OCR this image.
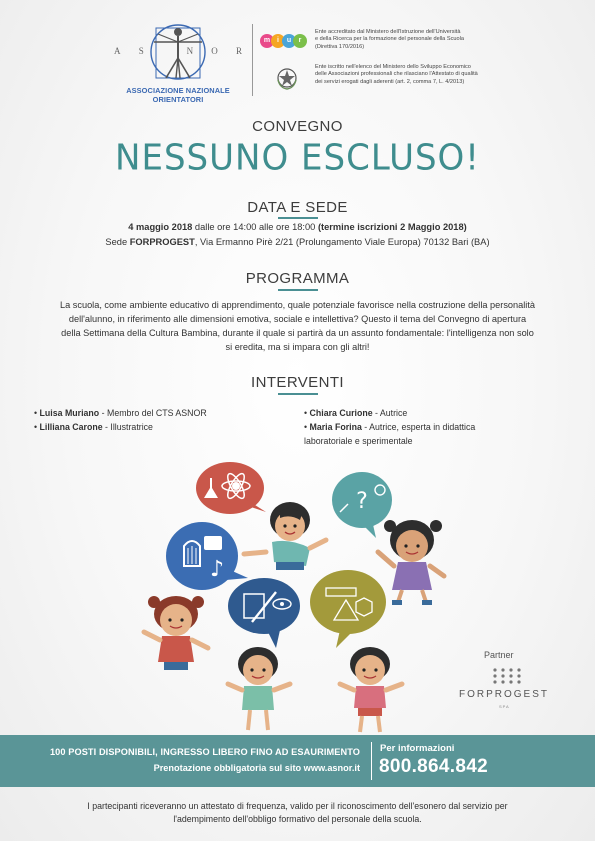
A S	N O R
ASSOCIAZIONE NAZIONALE ORIENTATORI
m i	u	r
Ente accreditato dal Ministero dell'Istruzione dell'Università
e della Ricerca per la formazione del personale della Scuola
(Direttiva 170/2016)
Ente iscritto nell'elenco del Ministero dello Sviluppo Economico
delle Associazioni professionali che rilasciano l'Attestato di qualità
dei servizi erogati dagli aderenti (art. 2, comma 7, L. 4/2013)
CONVEGNO
NESSUNO ESCLUSO!
DATA E SEDE
4 maggio 2018 dalle ore 14:00 alle ore 18:00 (termine iscrizioni 2 Maggio 2018)
Sede FORPROGEST, Via Ermanno Pirè 2/21 (Prolungamento Viale Europa) 70132 Bari (BA)
PROGRAMMA
La scuola, come ambiente educativo di apprendimento, quale potenziale favorisce nella costruzione della personalità
dell'alunno, in riferimento alle dimensioni emotiva, sociale e intellettiva? Questo il tema del Convegno di apertura
della Settimana della Cultura Bambina, durante il quale si partirà da un assunto fondamentale: l'intelligenza non solo
si eredita, ma si impara con gli altri!
INTERVENTI
• Luisa Muriano - Membro del CTS ASNOR
• Lilliana Carone - Illustratrice
• Chiara Curione - Autrice
• Maria Forina - Autrice, esperta in didattica
laboratoriale e sperimentale
?
♪
Partner
FORPROGEST
SPA
100 POSTI DISPONIBILI, INGRESSO LIBERO FINO AD ESAURIMENTO
Prenotazione obbligatoria sul sito www.asnor.it
Per informazioni
800.864.842
I partecipanti riceveranno un attestato di frequenza, valido per il riconoscimento dell'esonero dal servizio per
l'adempimento dell'obbligo formativo del personale della scuola.
